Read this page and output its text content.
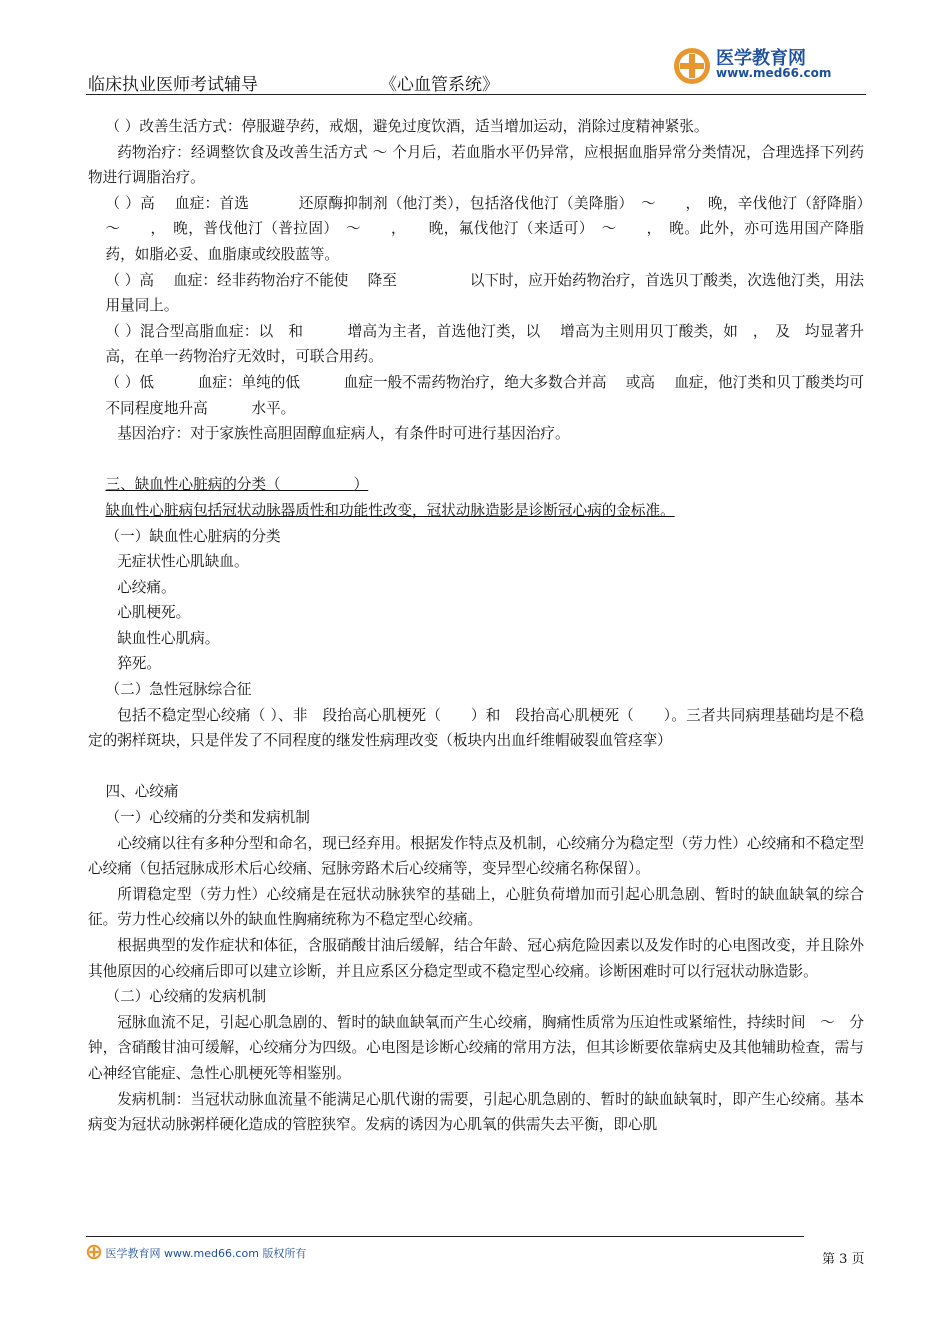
临床执业医师考试辅导	《心血管系统》
医学教育网
www.med66.com

（ ）改善生活方式：停服避孕药，戒烟，避免过度饮酒，适当增加运动，消除过度精神紧张。

药物治疗：经调整饮食及改善生活方式 ～ 个月后，若血脂水平仍异常，应根据血脂异常分类情况，合理选择下列药物进行调脂治疗。

（ ）高　 血症：首选　　　 还原酶抑制剂（他汀类），包括洛伐他汀（美降脂）　～　　，　晚，辛伐他汀（舒降脂）　～　　，　晚，普伐他汀（普拉固）　～　　，　　晚，氟伐他汀（来适可）　～　　，　晚。此外，亦可选用国产降脂药，如脂必妥、血脂康或绞股蓝等。

（ ）高　 血症：经非药物治疗不能使　 降至　　　　　以下时，应开始药物治疗，首选贝丁酸类，次选他汀类，用法用量同上。

（ ）混合型高脂血症：以　和　　　增高为主者，首选他汀类，以　 增高为主则用贝丁酸类，如　，　及　均显著升高，在单一药物治疗无效时，可联合用药。

（ ）低　　　血症：单纯的低　　　血症一般不需药物治疗，绝大多数合并高　 或高　 血症，他汀类和贝丁酸类均可不同程度地升高　　　水平。

基因治疗：对于家族性高胆固醇血症病人，有条件时可进行基因治疗。

三、缺血性心脏病的分类（　　　　　）

缺血性心脏病包括冠状动脉器质性和功能性改变，冠状动脉造影是诊断冠心病的金标准。

（一）缺血性心脏病的分类

无症状性心肌缺血。

心绞痛。

心肌梗死。

缺血性心肌病。

猝死。

（二）急性冠脉综合征

包括不稳定型心绞痛（ ）、非　段抬高心肌梗死（　　）和　段抬高心肌梗死（　　）。三者共同病理基础均是不稳定的粥样斑块，只是伴发了不同程度的继发性病理改变（板块内出血纤维帽破裂血管痉挛）

四、心绞痛

（一）心绞痛的分类和发病机制

心绞痛以往有多种分型和命名，现已经弃用。根据发作特点及机制，心绞痛分为稳定型（劳力性）心绞痛和不稳定型心绞痛（包括冠脉成形术后心绞痛、冠脉旁路术后心绞痛等，变异型心绞痛名称保留）。

所谓稳定型（劳力性）心绞痛是在冠状动脉狭窄的基础上，心脏负荷增加而引起心肌急剧、暂时的缺血缺氧的综合征。劳力性心绞痛以外的缺血性胸痛统称为不稳定型心绞痛。

根据典型的发作症状和体征，含服硝酸甘油后缓解，结合年龄、冠心病危险因素以及发作时的心电图改变，并且除外其他原因的心绞痛后即可以建立诊断，并且应系区分稳定型或不稳定型心绞痛。诊断困难时可以行冠状动脉造影。

（二）心绞痛的发病机制

冠脉血流不足，引起心肌急剧的、暂时的缺血缺氧而产生心绞痛，胸痛性质常为压迫性或紧缩性，持续时间　～　分钟，含硝酸甘油可缓解，心绞痛分为四级。心电图是诊断心绞痛的常用方法，但其诊断要依靠病史及其他辅助检查，需与心神经官能症、急性心肌梗死等相鉴别。

发病机制：当冠状动脉血流量不能满足心肌代谢的需要，引起心肌急剧的、暂时的缺血缺氧时，即产生心绞痛。基本病变为冠状动脉粥样硬化造成的管腔狭窄。发病的诱因为心肌氧的供需失去平衡，即心肌

医学教育网 www.med66.com 版权所有	第 3 页
